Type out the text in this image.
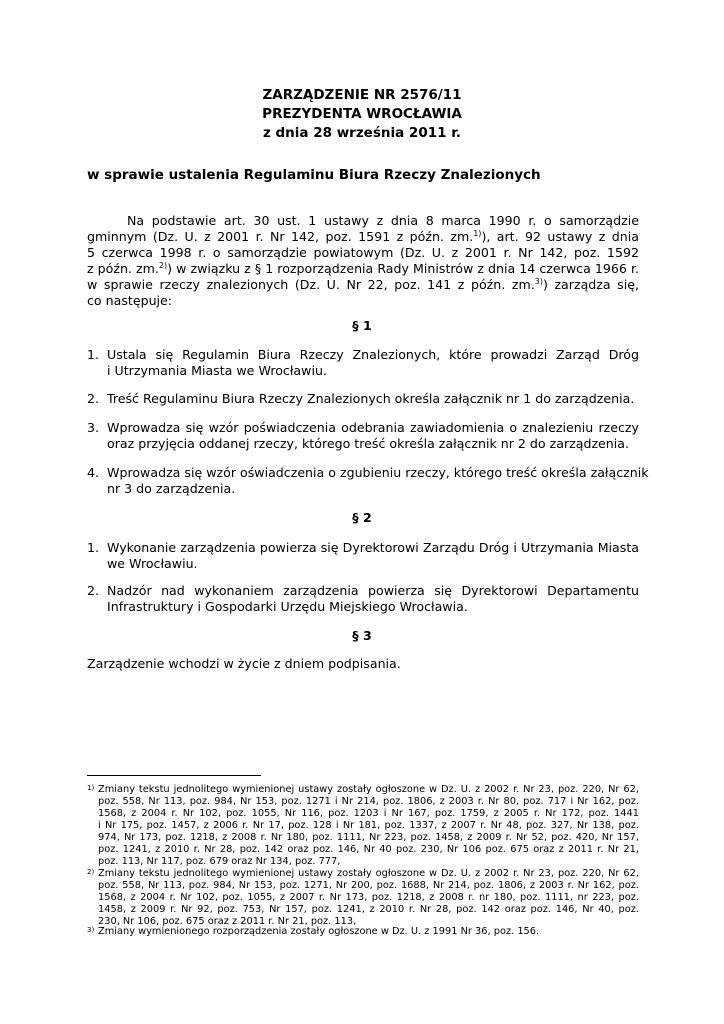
ZARZĄDZENIE NR 2576/11
PREZYDENTA WROCŁAWIA
z dnia 28 września 2011 r.
w sprawie ustalenia Regulaminu Biura Rzeczy Znalezionych
Na podstawie art. 30 ust. 1 ustawy z dnia 8 marca 1990 r. o samorządzie
gminnym (Dz. U. z 2001 r. Nr 142, poz. 1591 z późn. zm.$^{1)}$), art. 92 ustawy z dnia
5 czerwca 1998 r. o samorządzie powiatowym (Dz. U. z 2001 r. Nr 142, poz. 1592
z późn. zm.$^{2)}$) w związku z § 1 rozporządzenia Rady Ministrów z dnia 14 czerwca 1966 r.
w sprawie rzeczy znalezionych (Dz. U. Nr 22, poz. 141 z późn. zm.$^{3)}$) zarządza się,
co następuje:
§ 1
1. Ustala się Regulamin Biura Rzeczy Znalezionych, które prowadzi Zarząd Dróg
i Utrzymania Miasta we Wrocławiu.
2. Treść Regulaminu Biura Rzeczy Znalezionych określa załącznik nr 1 do zarządzenia.
3. Wprowadza się wzór poświadczenia odebrania zawiadomienia o znalezieniu rzeczy
oraz przyjęcia oddanej rzeczy, którego treść określa załącznik nr 2 do zarządzenia.
4. Wprowadza się wzór oświadczenia o zgubieniu rzeczy, którego treść określa załącznik
nr 3 do zarządzenia.
§ 2
1. Wykonanie zarządzenia powierza się Dyrektorowi Zarządu Dróg i Utrzymania Miasta
we Wrocławiu.
2. Nadzór nad wykonaniem zarządzenia powierza się Dyrektorowi Departamentu
Infrastruktury i Gospodarki Urzędu Miejskiego Wrocławia.
§ 3
Zarządzenie wchodzi w życie z dniem podpisania.
1) Zmiany tekstu jednolitego wymienionej ustawy zostały ogłoszone w Dz. U. z 2002 r. Nr 23, poz. 220, Nr 62,
poz. 558, Nr 113, poz. 984, Nr 153, poz. 1271 i Nr 214, poz. 1806, z 2003 r. Nr 80, poz. 717 i Nr 162, poz.
1568, z 2004 r. Nr 102, poz. 1055, Nr 116, poz. 1203 i Nr 167, poz. 1759, z 2005 r. Nr 172, poz. 1441
i Nr 175, poz. 1457, z 2006 r. Nr 17, poz. 128 i Nr 181, poz. 1337, z 2007 r. Nr 48, poz. 327, Nr 138, poz.
974, Nr 173, poz. 1218, z 2008 r. Nr 180, poz. 1111, Nr 223, poz. 1458, z 2009 r. Nr 52, poz. 420, Nr 157,
poz. 1241, z 2010 r. Nr 28, poz. 142 oraz poz. 146, Nr 40 poz. 230, Nr 106 poz. 675 oraz z 2011 r. Nr 21,
poz. 113, Nr 117, poz. 679 oraz Nr 134, poz. 777,
2) Zmiany tekstu jednolitego wymienionej ustawy zostały ogłoszone w Dz. U. z 2002 r. Nr 23, poz. 220, Nr 62,
poz. 558, Nr 113, poz. 984, Nr 153, poz. 1271, Nr 200, poz. 1688, Nr 214, poz. 1806, z 2003 r. Nr 162, poz.
1568, z 2004 r. Nr 102, poz. 1055, z 2007 r. Nr 173, poz. 1218, z 2008 r. nr 180, poz. 1111, nr 223, poz.
1458, z 2009 r. Nr 92, poz. 753, Nr 157, poz. 1241, z 2010 r. Nr 28, poz. 142 oraz poz. 146, Nr 40, poz.
230, Nr 106, poz. 675 oraz z 2011 r. Nr 21, poz. 113,
3) Zmiany wymienionego rozporządzenia zostały ogłoszone w Dz. U. z 1991 Nr 36, poz. 156.
